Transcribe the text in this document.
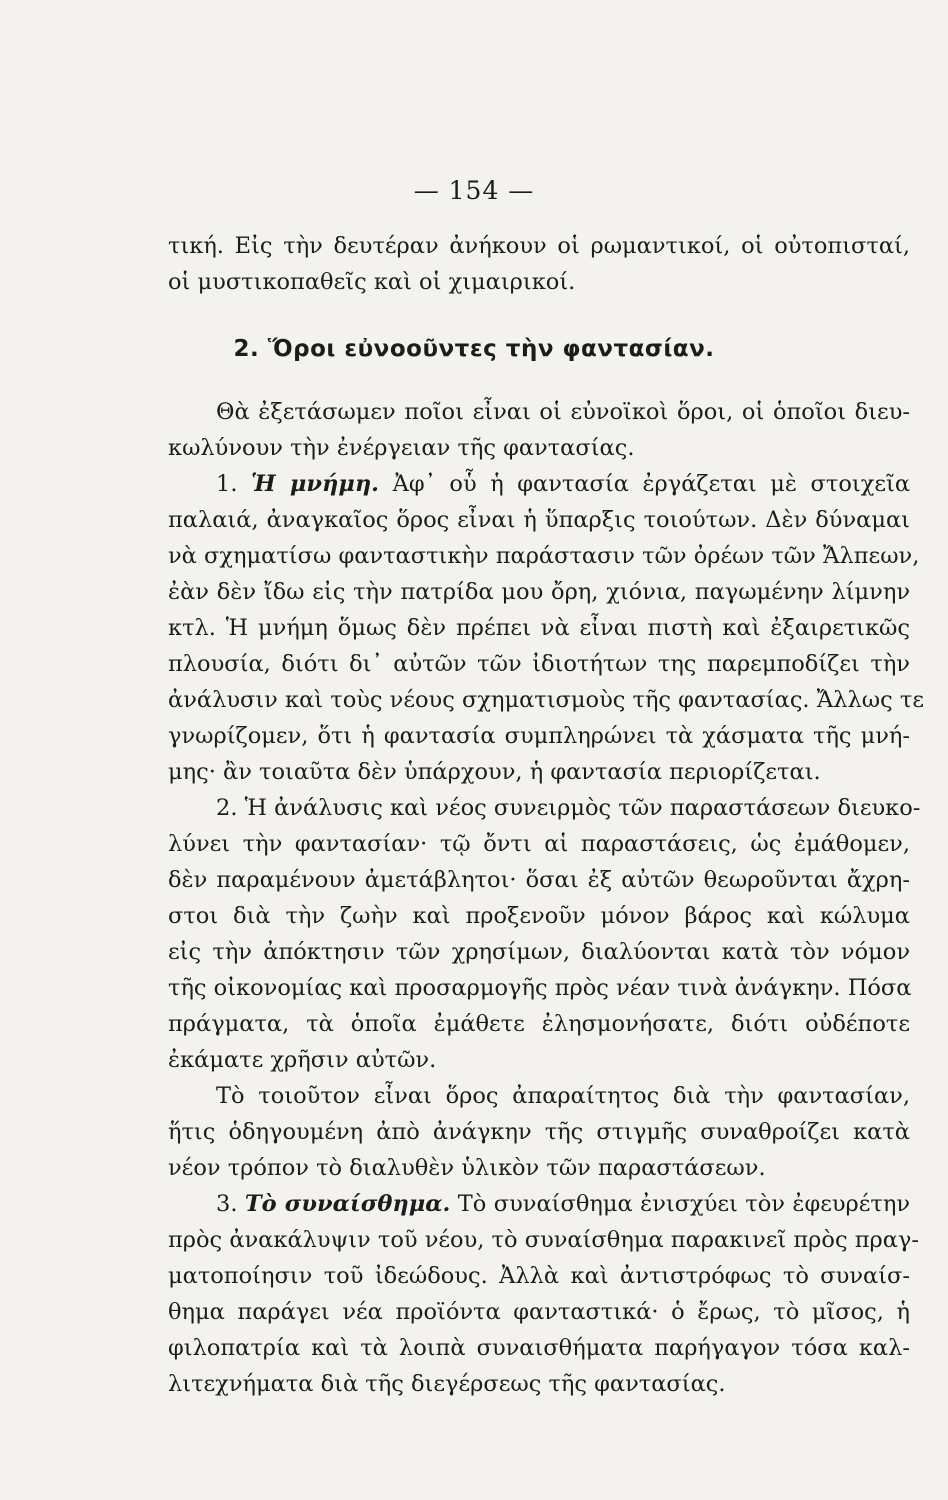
— 154 —
τική. Εἰς τὴν δευτέραν ἀνήκουν οἱ ρωμαντικοί, οἱ οὐτοπισταί,
οἱ μυστικοπαθεῖς καὶ οἱ χιμαιρικοί.
2. Ὅροι εὐνοοῦντες τὴν φαντασίαν.
Θὰ ἐξετάσωμεν ποῖοι εἶναι οἱ εὐνοϊκοὶ ὅροι, οἱ ὁποῖοι διευ-
κωλύνουν τὴν ἐνέργειαν τῆς φαντασίας.
1. Ἡ μνήμη. Ἀφ᾽ οὗ ἡ φαντασία ἐργάζεται μὲ στοιχεῖα
παλαιά, ἀναγκαῖος ὅρος εἶναι ἡ ὕπαρξις τοιούτων. Δὲν δύναμαι
νὰ σχηματίσω φανταστικὴν παράστασιν τῶν ὀρέων τῶν Ἄλπεων,
ἐὰν δὲν ἴδω εἰς τὴν πατρίδα μου ὄρη, χιόνια, παγωμένην λίμνην
κτλ. Ἡ μνήμη ὅμως δὲν πρέπει νὰ εἶναι πιστὴ καὶ ἐξαιρετικῶς
πλουσία, διότι δι᾽ αὐτῶν τῶν ἰδιοτήτων της παρεμποδίζει τὴν
ἀνάλυσιν καὶ τοὺς νέους σχηματισμοὺς τῆς φαντασίας. Ἄλλως τε
γνωρίζομεν, ὅτι ἡ φαντασία συμπληρώνει τὰ χάσματα τῆς μνή-
μης· ἂν τοιαῦτα δὲν ὑπάρχουν, ἡ φαντασία περιορίζεται.
2. Ἡ ἀνάλυσις καὶ νέος συνειρμὸς τῶν παραστάσεων διευκο-
λύνει τὴν φαντασίαν· τῷ ὄντι αἱ παραστάσεις, ὡς ἐμάθομεν,
δὲν παραμένουν ἀμετάβλητοι· ὅσαι ἐξ αὐτῶν θεωροῦνται ἄχρη-
στοι διὰ τὴν ζωὴν καὶ προξενοῦν μόνον βάρος καὶ κώλυμα
εἰς τὴν ἀπόκτησιν τῶν χρησίμων, διαλύονται κατὰ τὸν νόμον
τῆς οἰκονομίας καὶ προσαρμογῆς πρὸς νέαν τινὰ ἀνάγκην. Πόσα
πράγματα, τὰ ὁποῖα ἐμάθετε ἐλησμονήσατε, διότι οὐδέποτε
ἐκάματε χρῆσιν αὐτῶν.
Τὸ τοιοῦτον εἶναι ὅρος ἀπαραίτητος διὰ τὴν φαντασίαν,
ἥτις ὁδηγουμένη ἀπὸ ἀνάγκην τῆς στιγμῆς συναθροίζει κατὰ
νέον τρόπον τὸ διαλυθὲν ὑλικὸν τῶν παραστάσεων.
3. Τὸ συναίσθημα. Τὸ συναίσθημα ἐνισχύει τὸν ἐφευρέτην
πρὸς ἀνακάλυψιν τοῦ νέου, τὸ συναίσθημα παρακινεῖ πρὸς πραγ-
ματοποίησιν τοῦ ἰδεώδους. Ἀλλὰ καὶ ἀντιστρόφως τὸ συναίσ-
θημα παράγει νέα προϊόντα φανταστικά· ὁ ἔρως, τὸ μῖσος, ἡ
φιλοπατρία καὶ τὰ λοιπὰ συναισθήματα παρήγαγον τόσα καλ-
λιτεχνήματα διὰ τῆς διεγέρσεως τῆς φαντασίας.
